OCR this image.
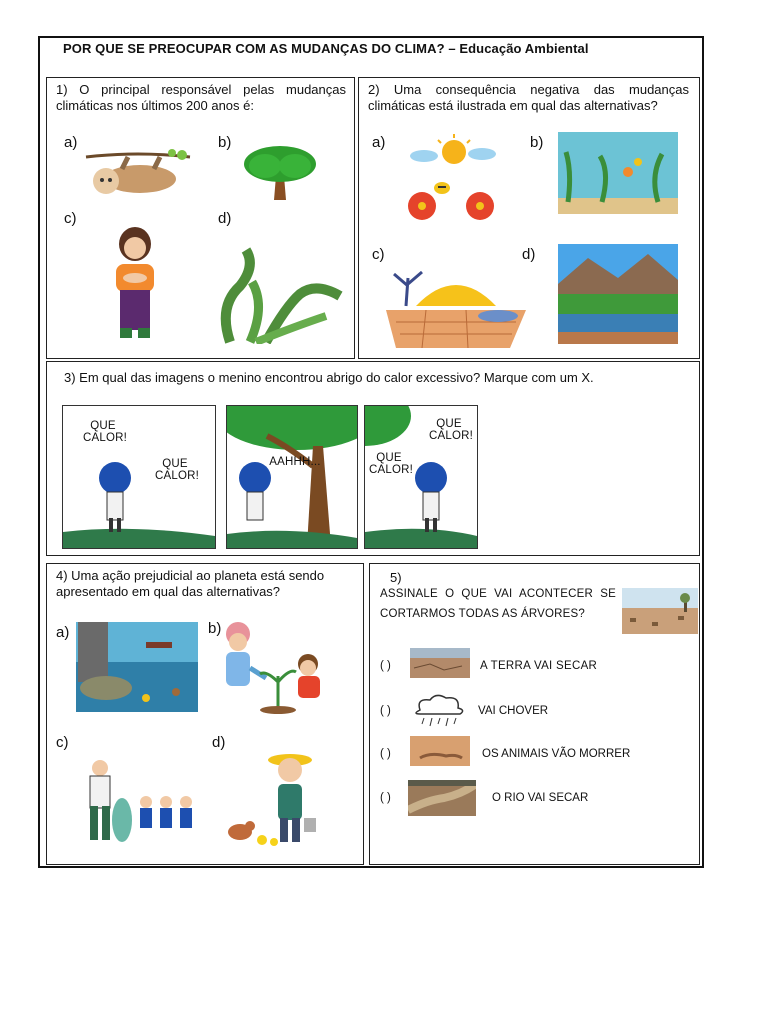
POR QUE SE PREOCUPAR COM AS MUDANÇAS DO CLIMA? – Educação Ambiental
1) O principal responsável pelas mudanças climáticas nos últimos 200 anos é:
a)	b)
c)	d)
2) Uma consequência negativa das mudanças climáticas está ilustrada em qual das alternativas?
a)	b)
c)	d)
3) Em qual das imagens o menino encontrou abrigo do calor excessivo? Marque com um X.
QUE CALOR!
QUE CALOR!
AAHHH...
QUE CALOR!
QUE CALOR!
4) Uma ação prejudicial ao planeta está sendo apresentado em qual das alternativas?
a)	b)
c)	d)
5)
ASSINALE O QUE VAI ACONTECER SE CORTARMOS TODAS AS ÁRVORES?
( )	A TERRA VAI SECAR
( )	VAI CHOVER
( )	OS ANIMAIS VÃO MORRER
( )	O RIO VAI SECAR
